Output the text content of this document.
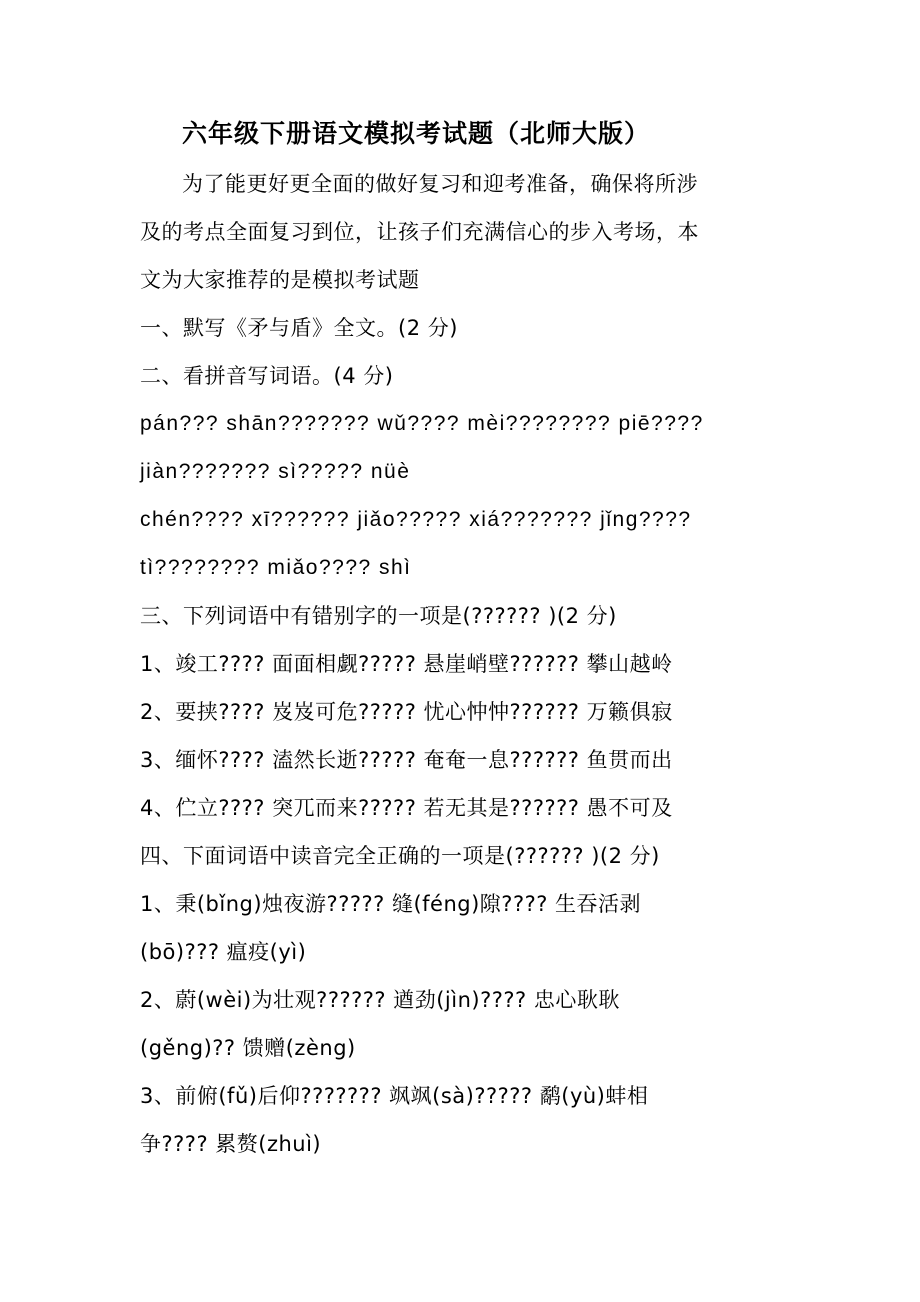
六年级下册语文模拟考试题（北师大版）
为了能更好更全面的做好复习和迎考准备，确保将所涉
及的考点全面复习到位，让孩子们充满信心的步入考场，本
文为大家推荐的是模拟考试题
一、默写《矛与盾》全文。(2 分)
二、看拼音写词语。(4 分)
pán??? shān??????? wǔ???? mèi???????? piē????
jiàn??????? sì????? nüè
chén???? xī?????? jiǎo????? xiá??????? jǐng????
tì???????? miǎo???? shì
三、下列词语中有错别字的一项是(?????? )(2 分)
1、竣工???? 面面相觑????? 悬崖峭壁?????? 攀山越岭
2、要挟???? 岌岌可危????? 忧心忡忡?????? 万籁俱寂
3、缅怀???? 溘然长逝????? 奄奄一息?????? 鱼贯而出
4、伫立???? 突兀而来????? 若无其是?????? 愚不可及
四、下面词语中读音完全正确的一项是(?????? )(2 分)
1、秉(bǐng)烛夜游????? 缝(féng)隙???? 生吞活剥
(bō)??? 瘟疫(yì)
2、蔚(wèi)为壮观?????? 遒劲(jìn)???? 忠心耿耿
(gěng)?? 馈赠(zèng)
3、前俯(fǔ)后仰??????? 飒飒(sà)????? 鹬(yù)蚌相
争???? 累赘(zhuì)
